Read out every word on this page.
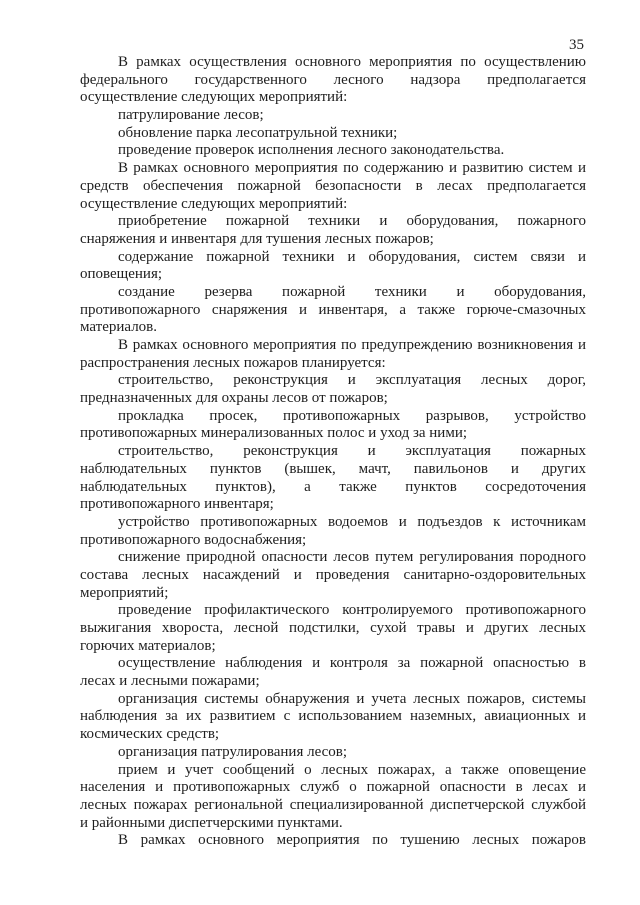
35
В рамках осуществления основного мероприятия по осуществлению
федерального государственного лесного надзора предполагается
осуществление следующих мероприятий:
патрулирование лесов;
обновление парка лесопатрульной техники;
проведение проверок исполнения лесного законодательства.
В рамках основного мероприятия по содержанию и развитию систем и
средств обеспечения пожарной безопасности в лесах предполагается
осуществление следующих мероприятий:
приобретение пожарной техники и оборудования, пожарного
снаряжения и инвентаря для тушения лесных пожаров;
содержание пожарной техники и оборудования, систем связи и
оповещения;
создание резерва пожарной техники и оборудования,
противопожарного снаряжения и инвентаря, а также горюче-смазочных
материалов.
В рамках основного мероприятия по предупреждению возникновения и
распространения лесных пожаров планируется:
строительство, реконструкция и эксплуатация лесных дорог,
предназначенных для охраны лесов от пожаров;
прокладка просек, противопожарных разрывов, устройство
противопожарных минерализованных полос и уход за ними;
строительство, реконструкция и эксплуатация пожарных
наблюдательных пунктов (вышек, мачт, павильонов и других
наблюдательных пунктов), а также пунктов сосредоточения
противопожарного инвентаря;
устройство противопожарных водоемов и подъездов к источникам
противопожарного водоснабжения;
снижение природной опасности лесов путем регулирования породного
состава лесных насаждений и проведения санитарно-оздоровительных
мероприятий;
проведение профилактического контролируемого противопожарного
выжигания хвороста, лесной подстилки, сухой травы и других лесных
горючих материалов;
осуществление наблюдения и контроля за пожарной опасностью в
лесах и лесными пожарами;
организация системы обнаружения и учета лесных пожаров, системы
наблюдения за их развитием с использованием наземных, авиационных и
космических средств;
организация патрулирования лесов;
прием и учет сообщений о лесных пожарах, а также оповещение
населения и противопожарных служб о пожарной опасности в лесах и
лесных пожарах региональной специализированной диспетчерской службой
и районными диспетчерскими пунктами.
В рамках основного мероприятия по тушению лесных пожаров
